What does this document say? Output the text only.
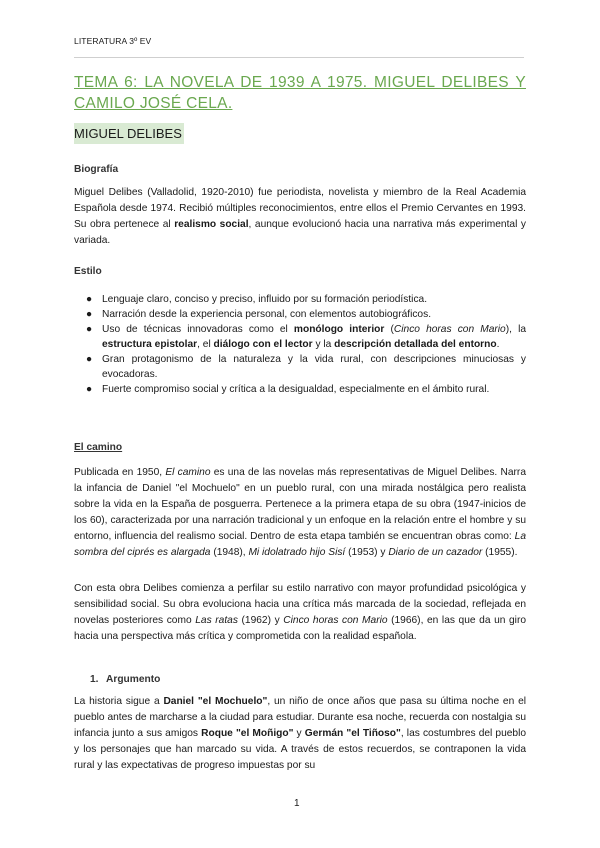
LITERATURA 3º EV
TEMA 6: LA NOVELA DE 1939 A 1975. MIGUEL DELIBES Y CAMILO JOSÉ CELA.
MIGUEL DELIBES
Biografía

Miguel Delibes (Valladolid, 1920-2010) fue periodista, novelista y miembro de la Real Academia Española desde 1974. Recibió múltiples reconocimientos, entre ellos el Premio Cervantes en 1993. Su obra pertenece al realismo social, aunque evolucionó hacia una narrativa más experimental y variada.

Estilo
● Lenguaje claro, conciso y preciso, influido por su formación periodística.
● Narración desde la experiencia personal, con elementos autobiográficos.
● Uso de técnicas innovadoras como el monólogo interior (Cinco horas con Mario), la estructura epistolar, el diálogo con el lector y la descripción detallada del entorno.
● Gran protagonismo de la naturaleza y la vida rural, con descripciones minuciosas y evocadoras.
● Fuerte compromiso social y crítica a la desigualdad, especialmente en el ámbito rural.
El camino

Publicada en 1950, El camino es una de las novelas más representativas de Miguel Delibes. Narra la infancia de Daniel "el Mochuelo" en un pueblo rural, con una mirada nostálgica pero realista sobre la vida en la España de posguerra. Pertenece a la primera etapa de su obra (1947-inicios de los 60), caracterizada por una narración tradicional y un enfoque en la relación entre el hombre y su entorno, influencia del realismo social. Dentro de esta etapa también se encuentran obras como: La sombra del ciprés es alargada (1948), Mi idolatrado hijo Sisí (1953) y Diario de un cazador (1955).

Con esta obra Delibes comienza a perfilar su estilo narrativo con mayor profundidad psicológica y sensibilidad social. Su obra evoluciona hacia una crítica más marcada de la sociedad, reflejada en novelas posteriores como Las ratas (1962) y Cinco horas con Mario (1966), en las que da un giro hacia una perspectiva más crítica y comprometida con la realidad española.

1. Argumento

La historia sigue a Daniel "el Mochuelo", un niño de once años que pasa su última noche en el pueblo antes de marcharse a la ciudad para estudiar. Durante esa noche, recuerda con nostalgia su infancia junto a sus amigos Roque "el Moñigo" y Germán "el Tiñoso", las costumbres del pueblo y los personajes que han marcado su vida. A través de estos recuerdos, se contraponen la vida rural y las expectativas de progreso impuestas por su

1
